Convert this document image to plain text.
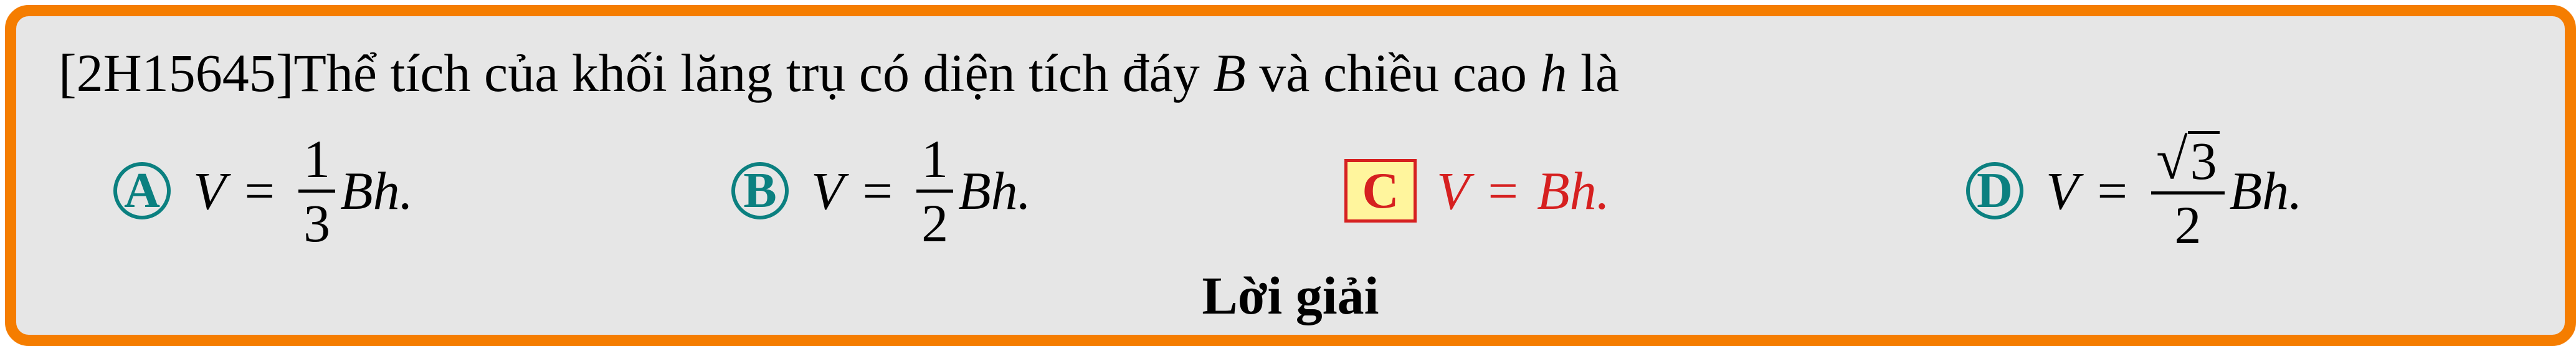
[2H15645]Thể tích của khối lăng trụ có diện tích đáy B và chiều cao h là
A V =
1
3
Bh.	B V =
1
2
Bh.	C V = Bh.	D V =
√ 3
2
Bh.
Lời giải
